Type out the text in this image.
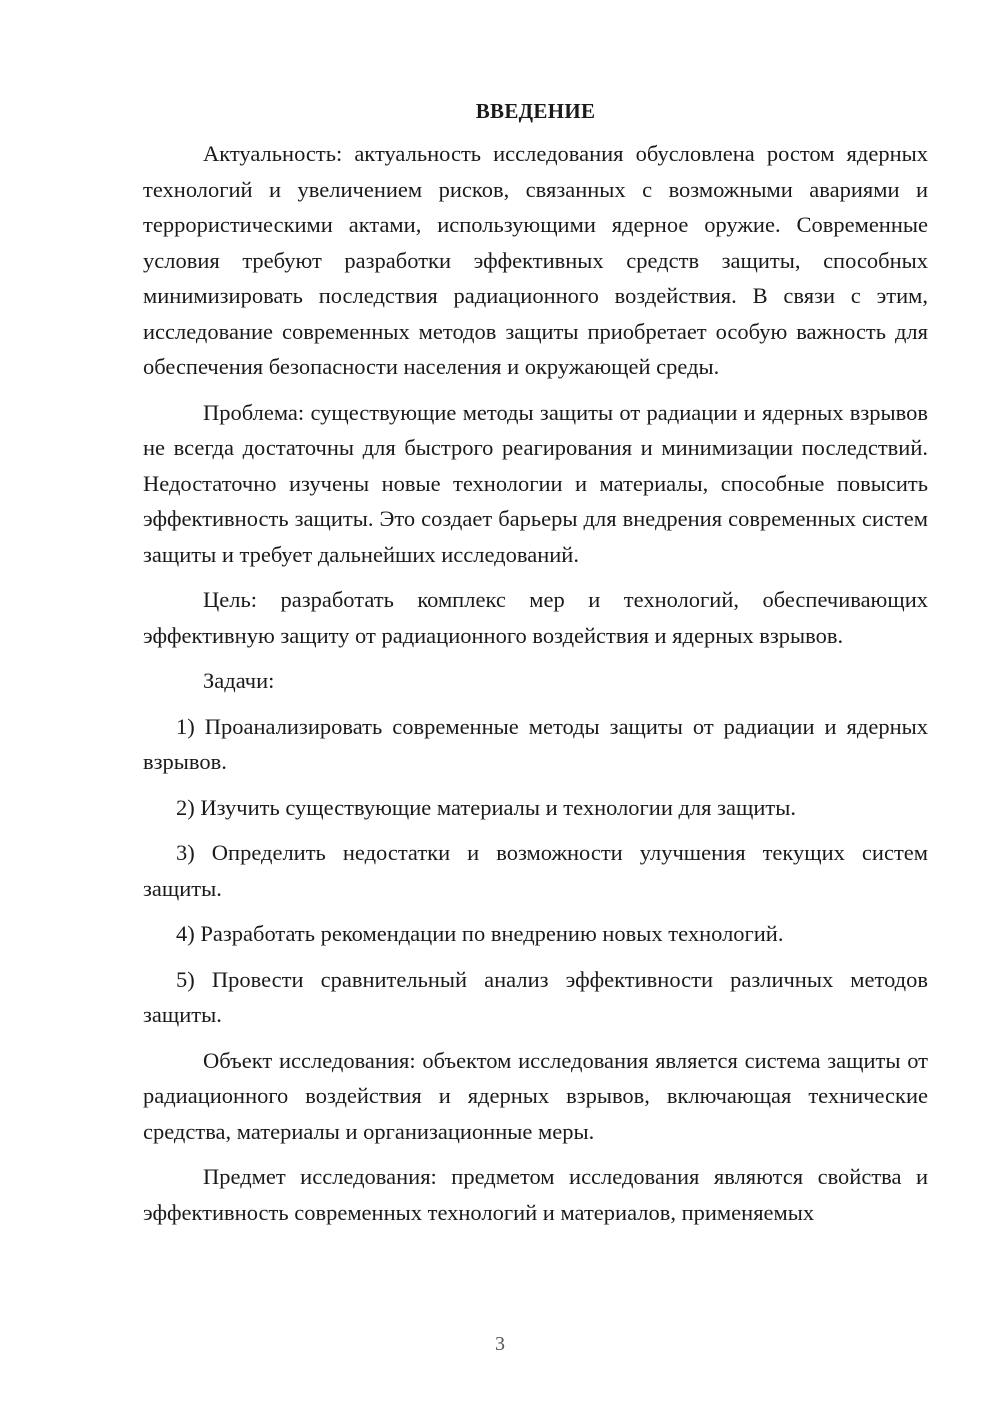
ВВЕДЕНИЕ

Актуальность: актуальность исследования обусловлена ростом ядерных технологий и увеличением рисков, связанных с возможными авариями и террористическими актами, использующими ядерное оружие. Современные условия требуют разработки эффективных средств защиты, способных минимизировать последствия радиационного воздействия. В связи с этим, исследование современных методов защиты приобретает особую важность для обеспечения безопасности населения и окружающей среды.

Проблема: существующие методы защиты от радиации и ядерных взрывов не всегда достаточны для быстрого реагирования и минимизации последствий. Недостаточно изучены новые технологии и материалы, способные повысить эффективность защиты. Это создает барьеры для внедрения современных систем защиты и требует дальнейших исследований.

Цель: разработать комплекс мер и технологий, обеспечивающих эффективную защиту от радиационного воздействия и ядерных взрывов.

Задачи:

1) Проанализировать современные методы защиты от радиации и ядерных взрывов.

2) Изучить существующие материалы и технологии для защиты.

3) Определить недостатки и возможности улучшения текущих систем защиты.

4) Разработать рекомендации по внедрению новых технологий.

5) Провести сравнительный анализ эффективности различных методов защиты.

Объект исследования: объектом исследования является система защиты от радиационного воздействия и ядерных взрывов, включающая технические средства, материалы и организационные меры.

Предмет исследования: предметом исследования являются свойства и эффективность современных технологий и материалов, применяемых

3
